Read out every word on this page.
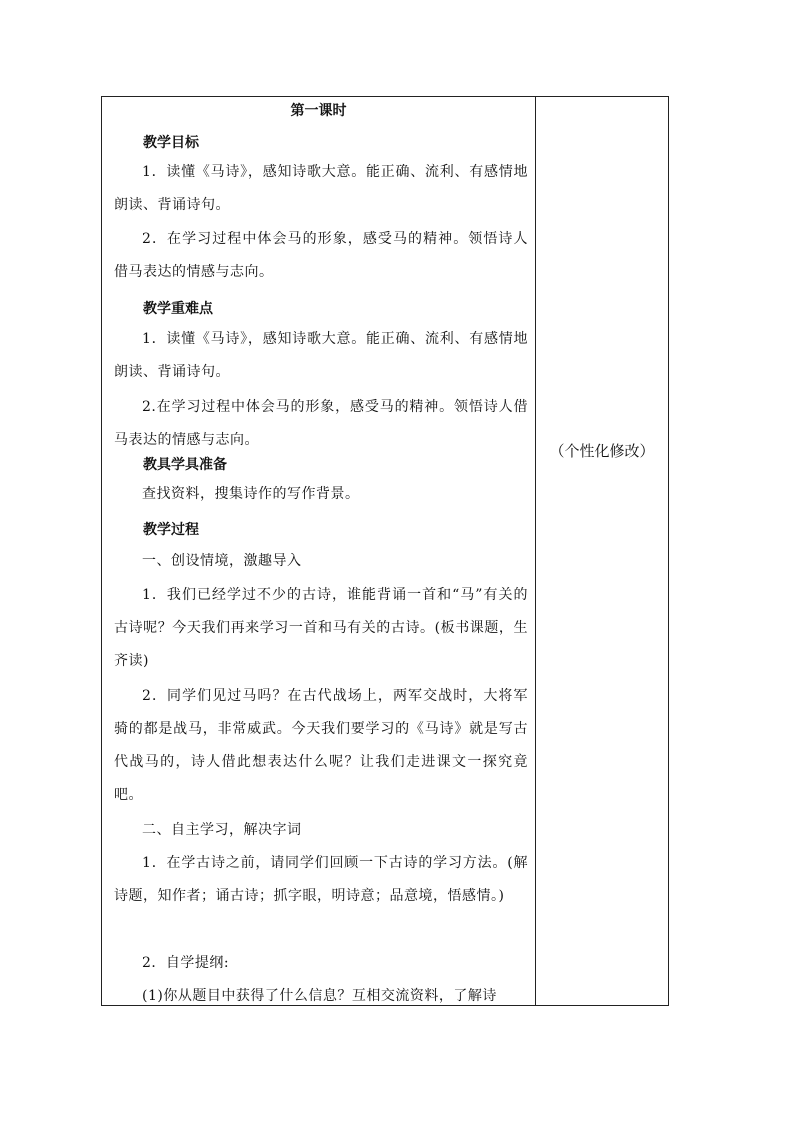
第一课时
教学目标
1．读懂《马诗》，感知诗歌大意。能正确、流利、有感情地朗读、背诵诗句。
2．在学习过程中体会马的形象，感受马的精神。领悟诗人借马表达的情感与志向。
教学重难点
1．读懂《马诗》，感知诗歌大意。能正确、流利、有感情地朗读、背诵诗句。
2.在学习过程中体会马的形象，感受马的精神。领悟诗人借马表达的情感与志向。
教具学具准备
查找资料，搜集诗作的写作背景。
教学过程
一、创设情境，激趣导入
1．我们已经学过不少的古诗，谁能背诵一首和“马”有关的古诗呢？今天我们再来学习一首和马有关的古诗。(板书课题，生齐读)
2．同学们见过马吗？在古代战场上，两军交战时，大将军骑的都是战马，非常威武。今天我们要学习的《马诗》就是写古代战马的，诗人借此想表达什么呢？让我们走进课文一探究竟吧。
二、自主学习，解决字词
1．在学古诗之前，请同学们回顾一下古诗的学习方法。(解诗题，知作者；诵古诗；抓字眼，明诗意；品意境，悟感情。)
2．自学提纲:
(1)你从题目中获得了什么信息？互相交流资料，了解诗
（个性化修改）
